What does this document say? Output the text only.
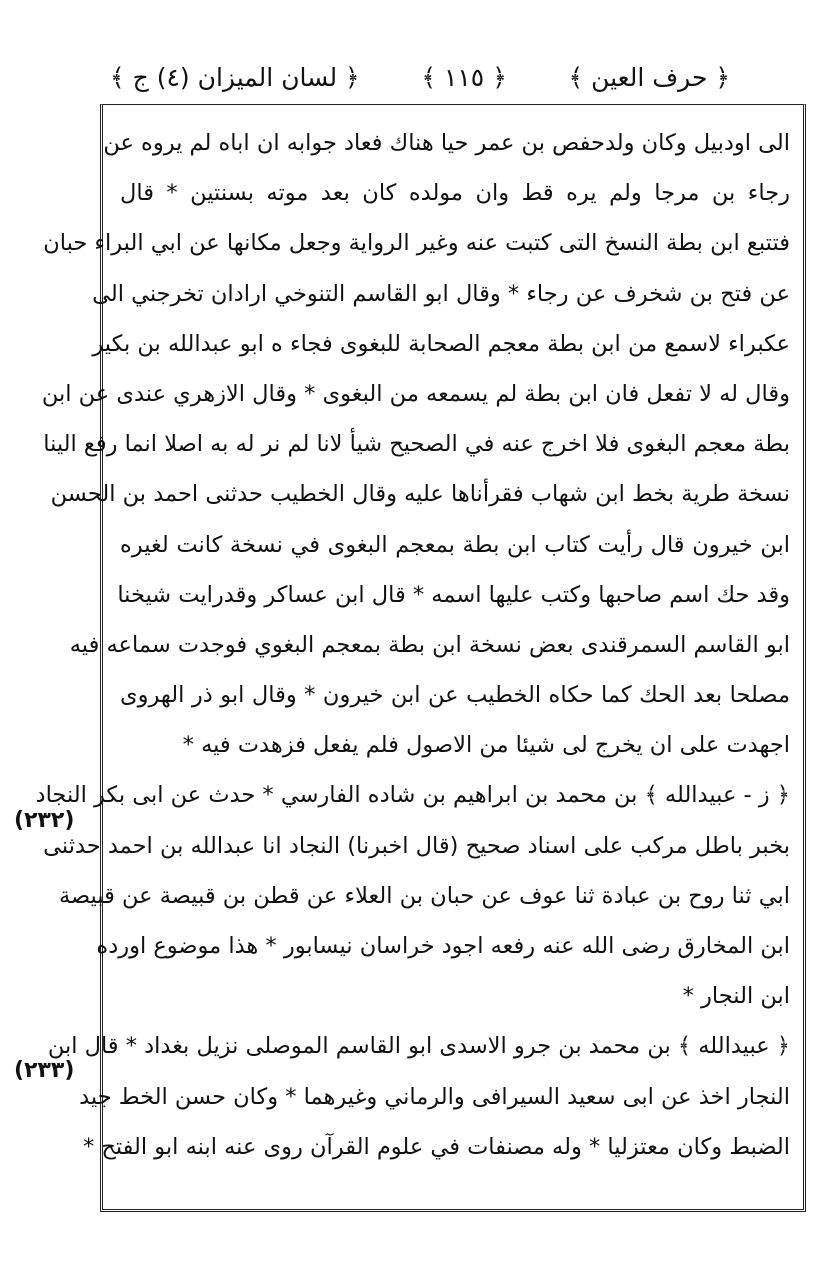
﴿ حرف العين ﴾
﴿ ١١٥ ﴾
﴿ لسان الميزان (٤) ج ﴾
(٢٣٢)
(٢٣٣)
الى اودبيل وكان ولدحفص بن عمر حيا هناك فعاد جوابه ان اباه لم يروه عن
رجاء بن مرجا ولم يره قط وان مولده كان بعد موته بسنتين * قال
فتتبع ابن بطة النسخ التى كتبت عنه وغير الرواية وجعل مكانها عن ابي البراء حبان
عن فتح بن شخرف عن رجاء * وقال ابو القاسم التنوخي ارادان تخرجني الى
عكبراء لاسمع من ابن بطة معجم الصحابة للبغوى فجاء ه ابو عبدالله بن بكير
وقال له لا تفعل فان ابن بطة لم يسمعه من البغوى * وقال الازهري عندى عن ابن
بطة معجم البغوى فلا اخرج عنه في الصحيح شيأ لانا لم نر له به اصلا انما رفع الينا
نسخة طرية بخط ابن شهاب فقرأناها عليه وقال الخطيب حدثنى احمد بن الحسن
ابن خيرون قال رأيت كتاب ابن بطة بمعجم البغوى في نسخة كانت لغيره
وقد حك اسم صاحبها وكتب عليها اسمه * قال ابن عساكر وقدرايت شيخنا
ابو القاسم السمرقندى بعض نسخة ابن بطة بمعجم البغوي فوجدت سماعه فيه
مصلحا بعد الحك كما حكاه الخطيب عن ابن خيرون * وقال ابو ذر الهروى
اجهدت على ان يخرج لى شيئا من الاصول فلم يفعل فزهدت فيه *
﴿ ز - عبيدالله ﴾ بن محمد بن ابراهيم بن شاده الفارسي * حدث عن ابى بكر النجاد
بخبر باطل مركب على اسناد صحيح (قال اخبرنا) النجاد انا عبدالله بن احمد حدثنى
ابي ثنا روح بن عبادة ثنا عوف عن حبان بن العلاء عن قطن بن قبيصة عن قبيصة
ابن المخارق رضى الله عنه رفعه اجود خراسان نيسابور * هذا موضوع اورده
ابن النجار *
﴿ عبيدالله ﴾ بن محمد بن جرو الاسدى ابو القاسم الموصلى نزيل بغداد * قال ابن
النجار اخذ عن ابى سعيد السيرافى والرماني وغيرهما * وكان حسن الخط جيد
الضبط وكان معتزليا * وله مصنفات في علوم القرآن روى عنه ابنه ابو الفتح *
